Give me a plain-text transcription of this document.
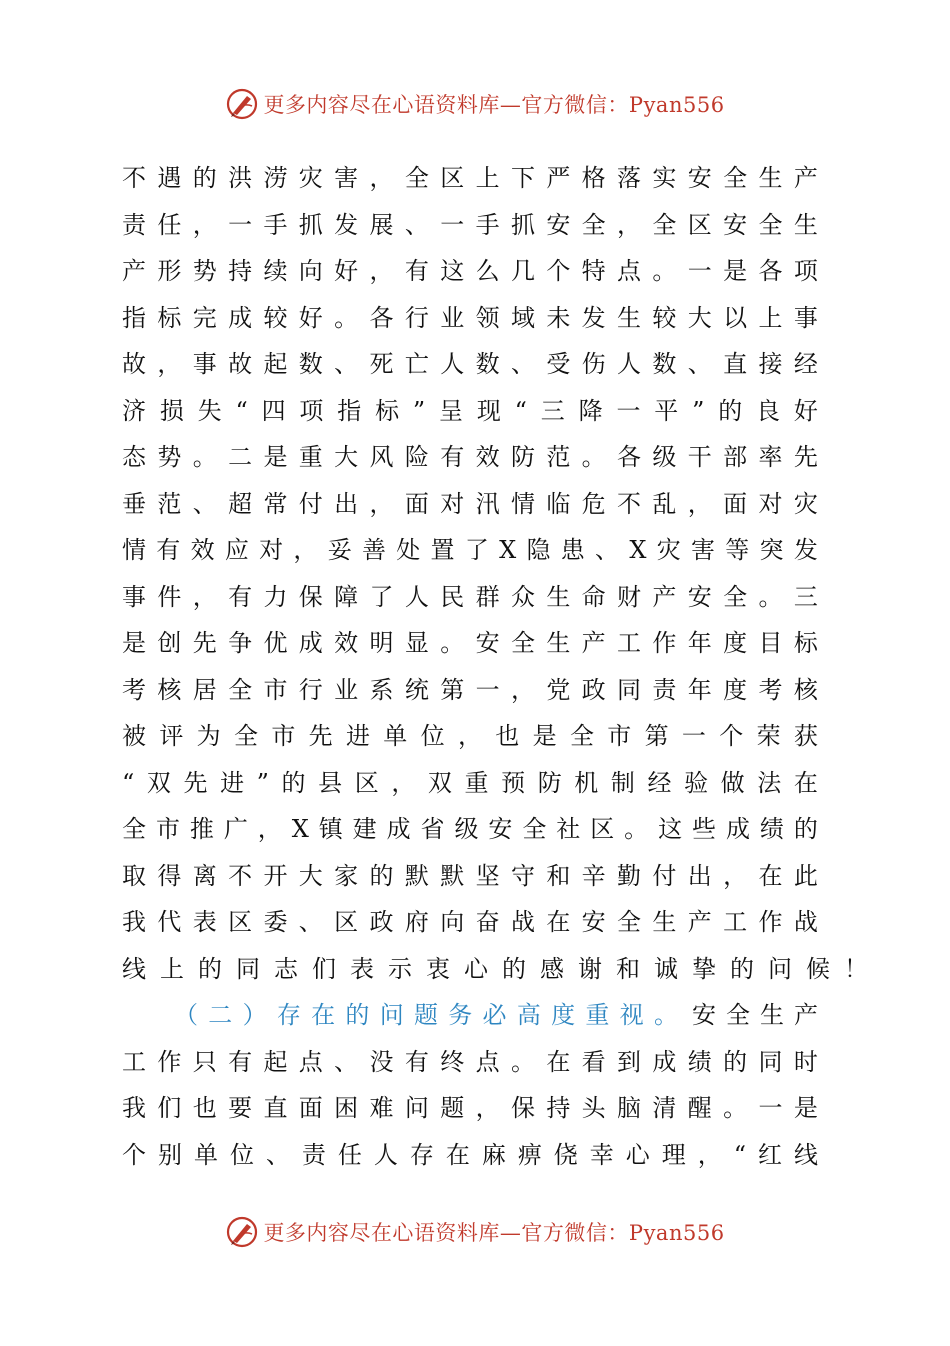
更多内容尽在心语资料库—官方微信：Pyan556
不 遇 的 洪 涝 灾 害 ， 全 区 上 下 严 格 落 实 安 全 生 产
责 任 ， 一 手 抓 发 展 、 一 手 抓 安 全 ， 全 区 安 全 生
产 形 势 持 续 向 好 ， 有 这 么 几 个 特 点 。 一 是 各 项
指 标 完 成 较 好 。 各 行 业 领 域 未 发 生 较 大 以 上 事
故 ， 事 故 起 数 、 死 亡 人 数 、 受 伤 人 数 、 直 接 经
济 损 失 “ 四 项 指 标 ” 呈 现 “ 三 降 一 平 ” 的 良 好
态 势 。 二 是 重 大 风 险 有 效 防 范 。 各 级 干 部 率 先
垂 范 、 超 常 付 出 ， 面 对 汛 情 临 危 不 乱 ， 面 对 灾
情 有 效 应 对 ， 妥 善 处 置 了 X 隐 患 、 X 灾 害 等 突 发
事 件 ， 有 力 保 障 了 人 民 群 众 生 命 财 产 安 全 。 三
是 创 先 争 优 成 效 明 显 。 安 全 生 产 工 作 年 度 目 标
考 核 居 全 市 行 业 系 统 第 一 ， 党 政 同 责 年 度 考 核
被 评 为 全 市 先 进 单 位 ， 也 是 全 市 第 一 个 荣 获
“ 双 先 进 ” 的 县 区 ， 双 重 预 防 机 制 经 验 做 法 在
全 市 推 广 ， X 镇 建 成 省 级 安 全 社 区 。 这 些 成 绩 的
取 得 离 不 开 大 家 的 默 默 坚 守 和 辛 勤 付 出 ， 在 此
我 代 表 区 委 、 区 政 府 向 奋 战 在 安 全 生 产 工 作 战
线 上 的 同 志 们 表 示 衷 心 的 感 谢 和 诚 挚 的 问 候 ！
（ 二 ） 存 在 的 问 题 务 必 高 度 重 视 。 安 全 生 产
工 作 只 有 起 点 、 没 有 终 点 。 在 看 到 成 绩 的 同 时
我 们 也 要 直 面 困 难 问 题 ， 保 持 头 脑 清 醒 。 一 是
个 别 单 位 、 责 任 人 存 在 麻 痹 侥 幸 心 理 ， “ 红 线
更多内容尽在心语资料库—官方微信：Pyan556
